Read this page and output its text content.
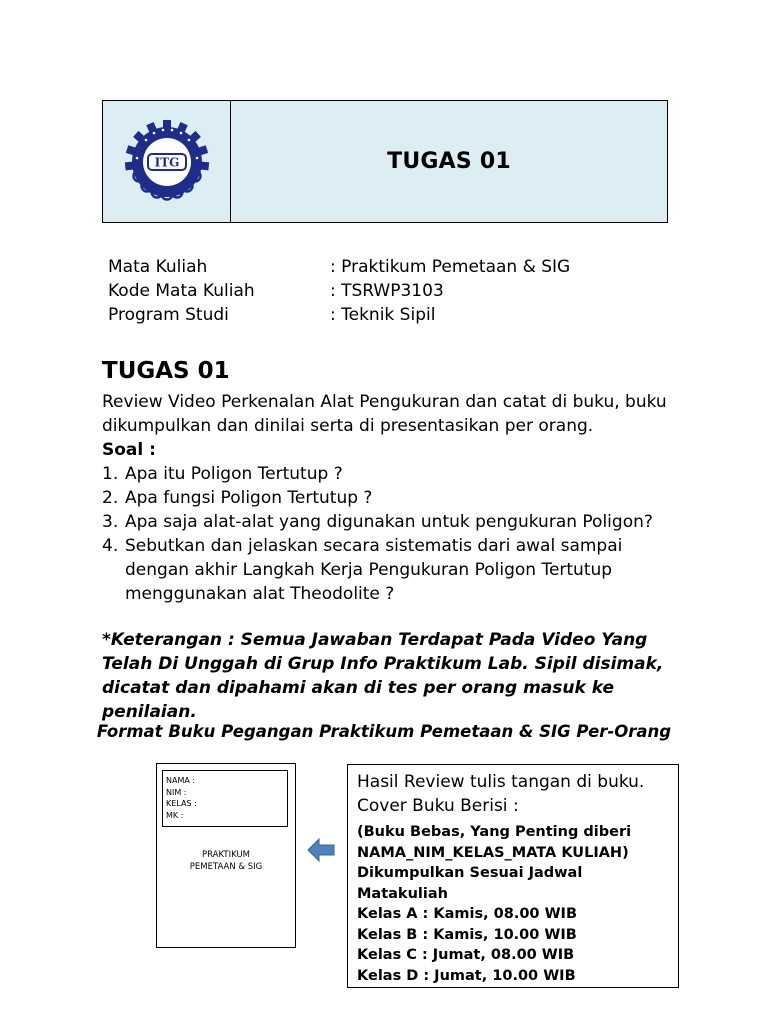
ITG	TUGAS 01
Mata Kuliah	: Praktikum Pemetaan & SIG
Kode Mata Kuliah	: TSRWP3103
Program Studi	: Teknik Sipil
TUGAS 01

Review Video Perkenalan Alat Pengukuran dan catat di buku, buku dikumpulkan dan dinilai serta di presentasikan per orang.

Soal :

1. Apa itu Poligon Tertutup ?
2. Apa fungsi Poligon Tertutup ?
3. Apa saja alat-alat yang digunakan untuk pengukuran Poligon?
4. Sebutkan dan jelaskan secara sistematis dari awal sampai dengan akhir Langkah Kerja Pengukuran Poligon Tertutup menggunakan alat Theodolite ?
*Keterangan : Semua Jawaban Terdapat Pada Video Yang Telah Di Unggah di Grup Info Praktikum Lab. Sipil disimak, dicatat dan dipahami akan di tes per orang masuk ke penilaian.
Format Buku Pegangan Praktikum Pemetaan & SIG Per-Orang
NAMA :
NIM :
KELAS :
MK :
PRAKTIKUM
PEMETAAN & SIG
Hasil Review tulis tangan di buku.
Cover Buku Berisi :
(Buku Bebas, Yang Penting diberi NAMA_NIM_KELAS_MATA KULIAH)
Dikumpulkan Sesuai Jadwal Matakuliah
Kelas A : Kamis, 08.00 WIB
Kelas B : Kamis, 10.00 WIB
Kelas C : Jumat, 08.00 WIB
Kelas D : Jumat, 10.00 WIB
